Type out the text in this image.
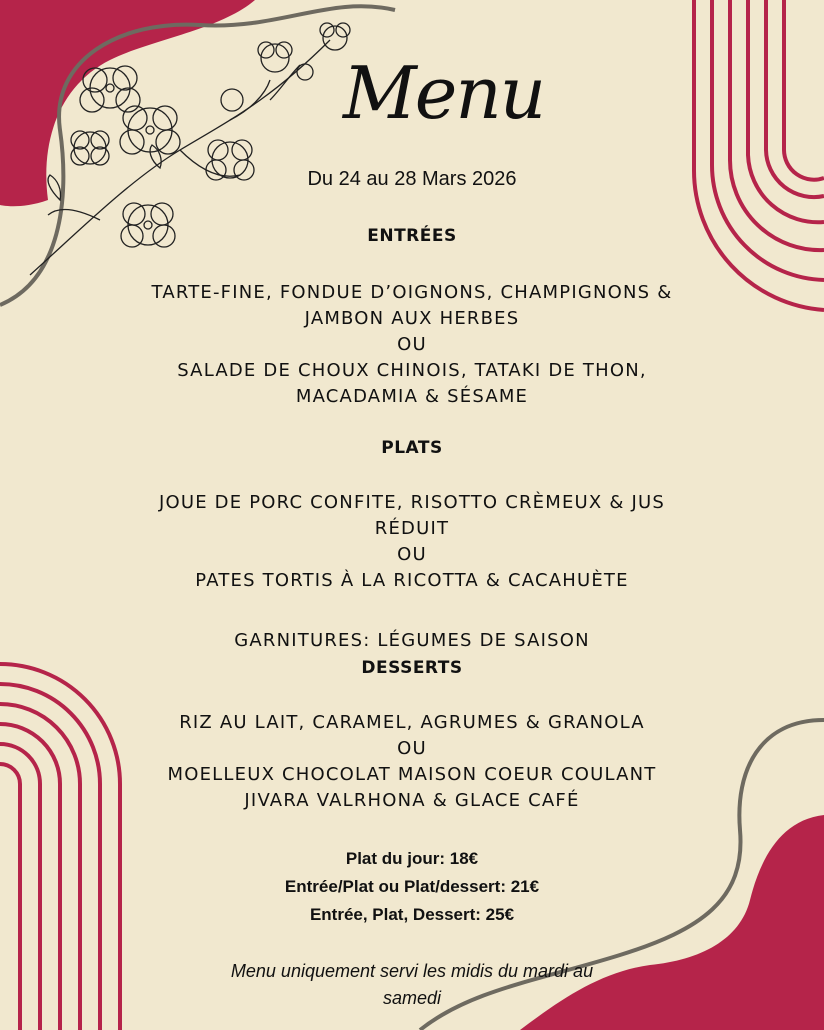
Menu
Du 24 au 28 Mars 2026
ENTRÉES
TARTE-FINE, FONDUE D’OIGNONS, CHAMPIGNONS &
JAMBON AUX HERBES
OU
SALADE DE CHOUX CHINOIS, TATAKI DE THON,
MACADAMIA & SÉSAME
PLATS
JOUE DE PORC CONFITE, RISOTTO CRÈMEUX & JUS
RÉDUIT
OU
PATES TORTIS À LA RICOTTA & CACAHUÈTE
GARNITURES: LÉGUMES DE SAISON
DESSERTS
RIZ AU LAIT, CARAMEL, AGRUMES & GRANOLA
OU
MOELLEUX CHOCOLAT MAISON COEUR COULANT
JIVARA VALRHONA & GLACE CAFÉ
Plat du jour: 18€
Entrée/Plat ou Plat/dessert: 21€
Entrée, Plat, Dessert: 25€
Menu uniquement servi les midis du mardi au
samedi
